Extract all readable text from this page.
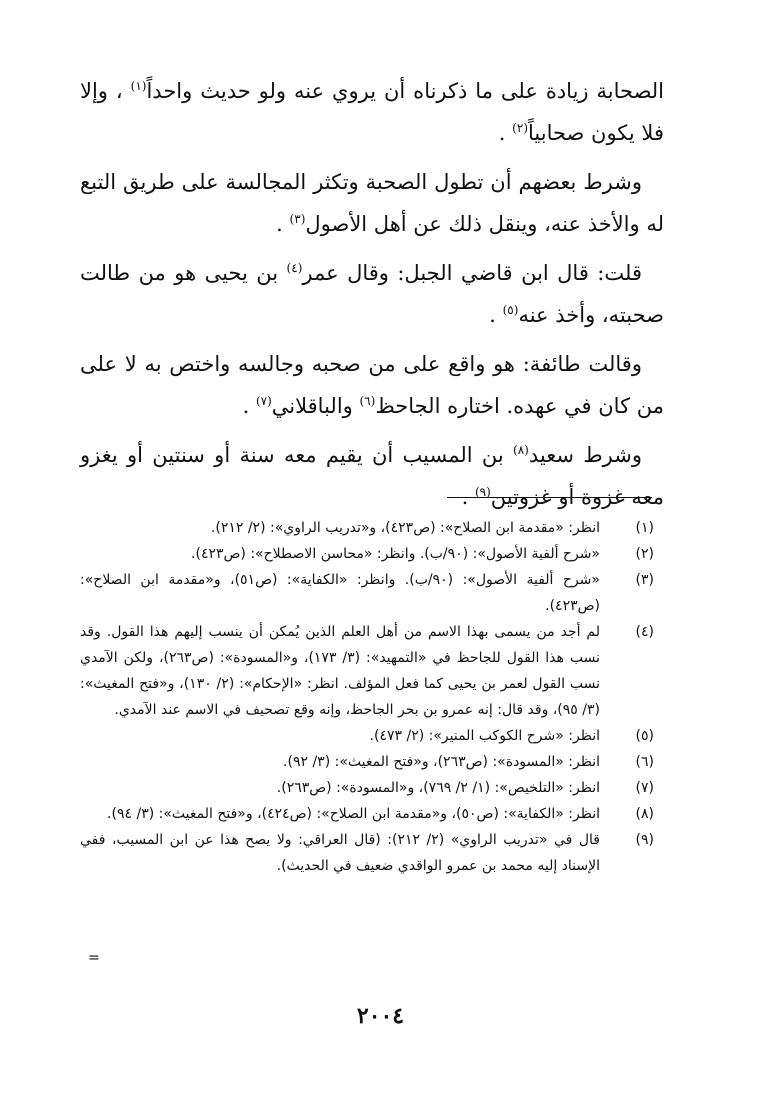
الصحابة زيادة على ما ذكرناه أن يروي عنه ولو حديث واحداً$^{(١)}$ ، وإلا فلا يكون صحابياً$^{(٢)}$ .

وشرط بعضهم أن تطول الصحبة وتكثر المجالسة على طريق التبع له والأخذ عنه، وينقل ذلك عن أهل الأصول$^{(٣)}$ .

قلت: قال ابن قاضي الجبل: وقال عمر$^{(٤)}$ بن يحيى هو من طالت صحبته، وأخذ عنه$^{(٥)}$ .

وقالت طائفة: هو واقع على من صحبه وجالسه واختص به لا على من كان في عهده. اختاره الجاحظ$^{(٦)}$ والباقلاني$^{(٧)}$ .

وشرط سعيد$^{(٨)}$ بن المسيب أن يقيم معه سنة أو سنتين أو يغزو معه غزوة أو غزوتين$^{(٩)}$ .

(١)
انظر: «مقدمة ابن الصلاح»: (ص٤٢٣)، و«تدريب الراوي»: (٢/ ٢١٢).
(٢)
«شرح ألفية الأصول»: (٩٠/ب). وانظر: «محاسن الاصطلاح»: (ص٤٢٣).
(٣)
«شرح ألفية الأصول»: (٩٠/ب). وانظر: «الكفاية»: (ص٥١)، و«مقدمة ابن الصلاح»: (ص٤٢٣).
(٤)
لم أجد من يسمى بهذا الاسم من أهل العلم الذين يُمكن أن ينسب إليهم هذا القول. وقد نسب هذا القول للجاحظ في «التمهيد»: (٣/ ١٧٣)، و«المسودة»: (ص٢٦٣)، ولكن الآمدي نسب القول لعمر بن يحيى كما فعل المؤلف. انظر: «الإحكام»: (٢/ ١٣٠)، و«فتح المغيث»: (٣/ ٩٥)، وقد قال: إنه عمرو بن بحر الجاحظ، وإنه وقع تصحيف في الاسم عند الآمدي.
(٥)
انظر: «شرح الكوكب المنير»: (٢/ ٤٧٣).
(٦)
انظر: «المسودة»: (ص٢٦٣)، و«فتح المغيث»: (٣/ ٩٢).
(٧)
انظر: «التلخيص»: (١/ ٢/ ٧٦٩)، و«المسودة»: (ص٢٦٣).
(٨)
انظر: «الكفاية»: (ص٥٠)، و«مقدمة ابن الصلاح»: (ص٤٢٤)، و«فتح المغيث»: (٣/ ٩٤).
(٩)
قال في «تدريب الراوي» (٢/ ٢١٢): (قال العراقي: ولا يصح هذا عن ابن المسيب، ففي الإسناد إليه محمد بن عمرو الواقدي ضعيف في الحديث).
=
٢٠٠٤
